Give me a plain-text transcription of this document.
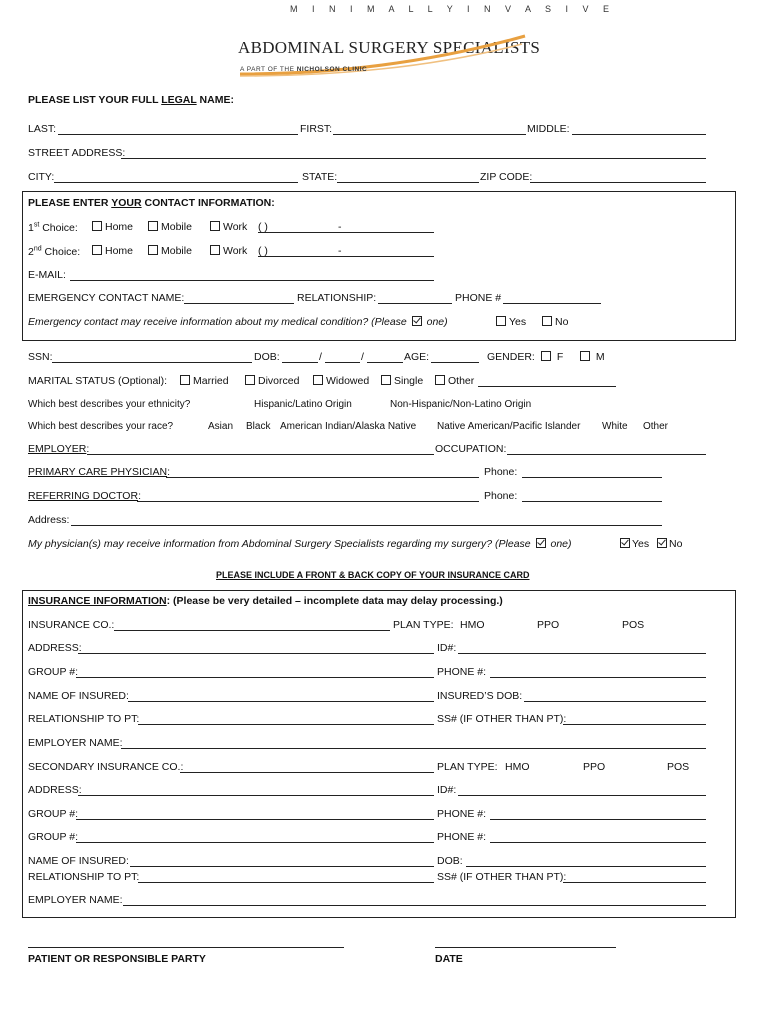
M I N I M A L L Y I N V A S I V E
ABDOMINAL SURGERY SPECIALISTS
A PART OF THE NICHOLSON CLINIC
PLEASE LIST YOUR FULL LEGAL NAME:
LAST:	FIRST:	MIDDLE:
STREET ADDRESS:
CITY:	STATE:	ZIP CODE:
PLEASE ENTER YOUR CONTACT INFORMATION:
1st Choice:	Home	Mobile	Work ( )	-
2nd Choice:	Home	Mobile	Work ( )	-
E-MAIL:
EMERGENCY CONTACT NAME:	RELATIONSHIP:	PHONE #
Emergency contact may receive information about my medical condition? (Please  one)	Yes	No
SSN:	DOB:	/	/	AGE:	GENDER:	F	M
MARITAL STATUS (Optional):	Married	Divorced	Widowed	Single	Other
Which best describes your ethnicity?	Hispanic/Latino Origin	Non-Hispanic/Non-Latino Origin
Which best describes your race?	Asian Black American Indian/Alaska Native Native American/Pacific Islander White Other
EMPLOYER:	OCCUPATION:
PRIMARY CARE PHYSICIAN:	Phone:
REFERRING DOCTOR:	Phone:
Address:
My physician(s) may receive information from Abdominal Surgery Specialists regarding my surgery? (Please  one)	Yes	No
PLEASE INCLUDE A FRONT & BACK COPY OF YOUR INSURANCE CARD
INSURANCE INFORMATION: (Please be very detailed – incomplete data may delay processing.)
INSURANCE CO.:	PLAN TYPE: HMO	PPO	POS
ADDRESS:	ID#:
GROUP #:	PHONE #:
NAME OF INSURED:	INSURED’S DOB:
RELATIONSHIP TO PT:	SS# (IF OTHER THAN PT):
EMPLOYER NAME:
SECONDARY INSURANCE CO.:	PLAN TYPE: HMO	PPO	POS
ADDRESS:	ID#:
GROUP #:	PHONE #:
GROUP #:	PHONE #:
NAME OF INSURED:	DOB:
RELATIONSHIP TO PT:	SS# (IF OTHER THAN PT):
EMPLOYER NAME:
PATIENT OR RESPONSIBLE PARTY	DATE
